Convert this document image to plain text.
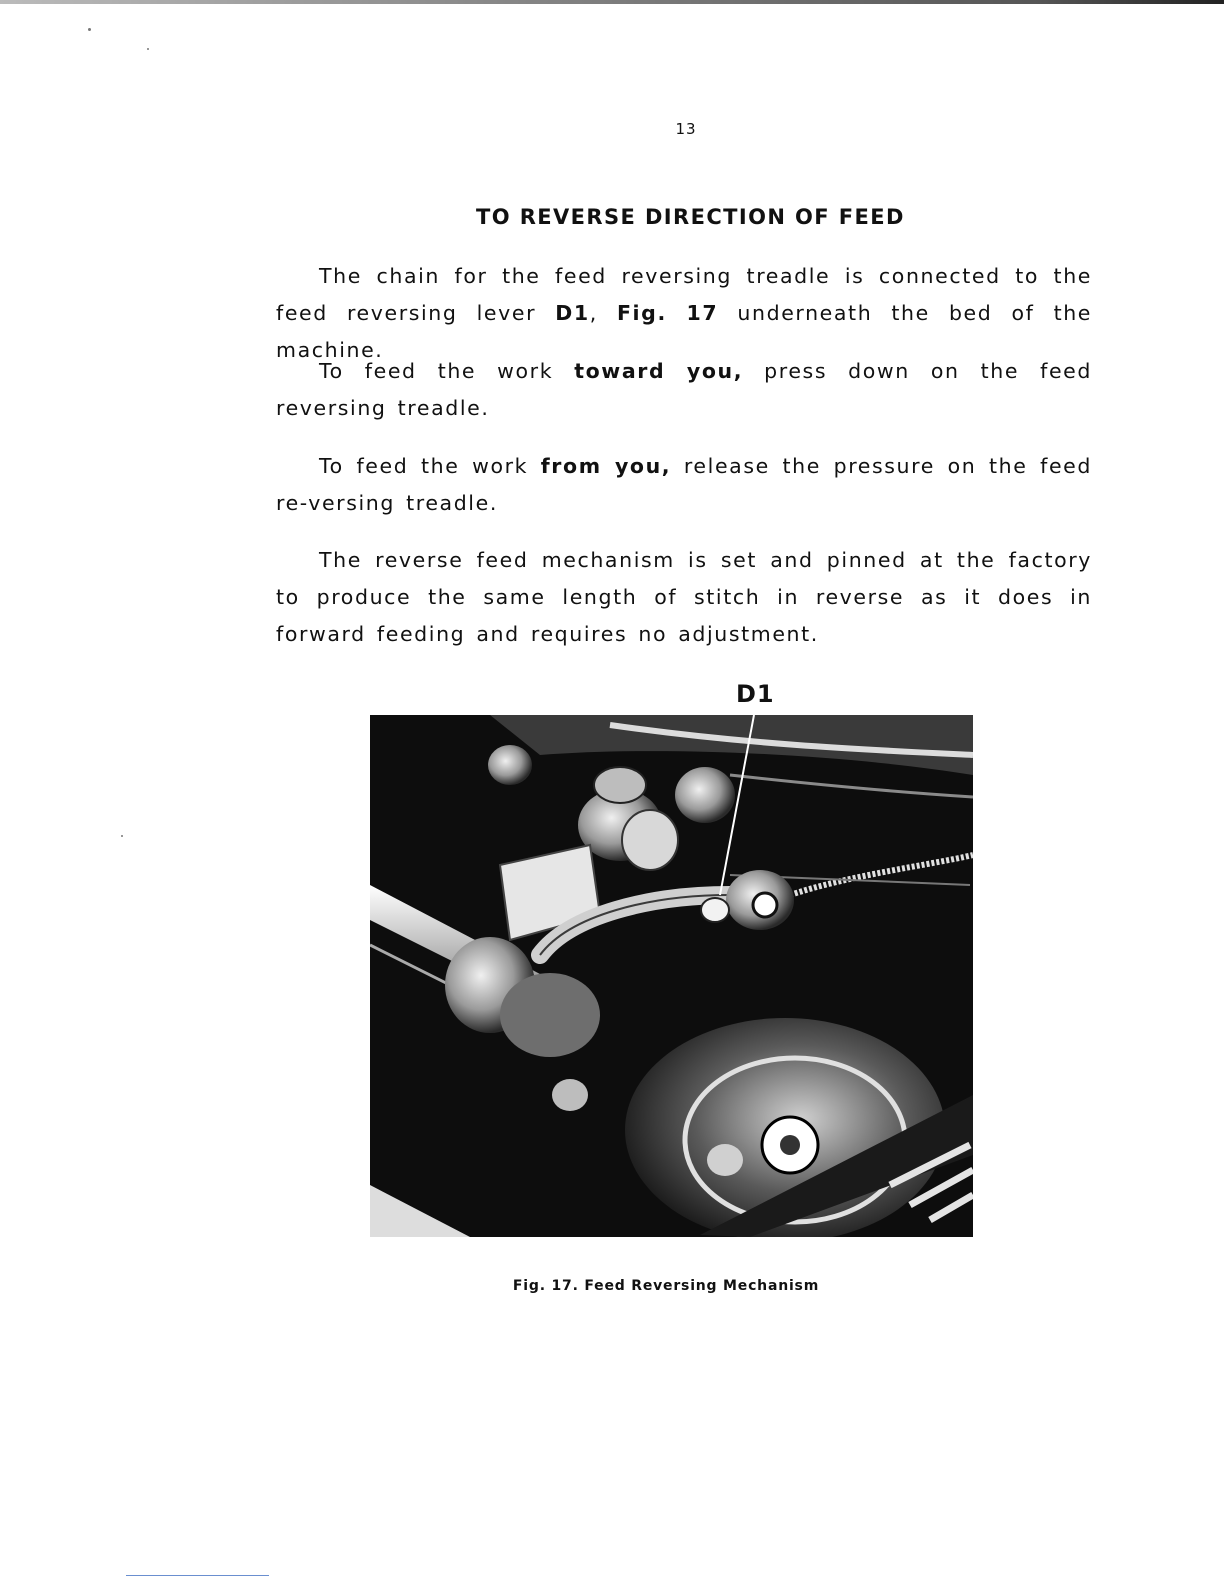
13
TO REVERSE DIRECTION OF FEED

The chain for the feed reversing treadle is connected to the feed reversing lever D1, Fig. 17 underneath the bed of the machine.

To feed the work toward you, press down on the feed reversing treadle.

To feed the work from you, release the pressure on the feed re-versing treadle.

The reverse feed mechanism is set and pinned at the factory to produce the same length of stitch in reverse as it does in forward feeding and requires no adjustment.

D1
Fig. 17. Feed Reversing Mechanism
